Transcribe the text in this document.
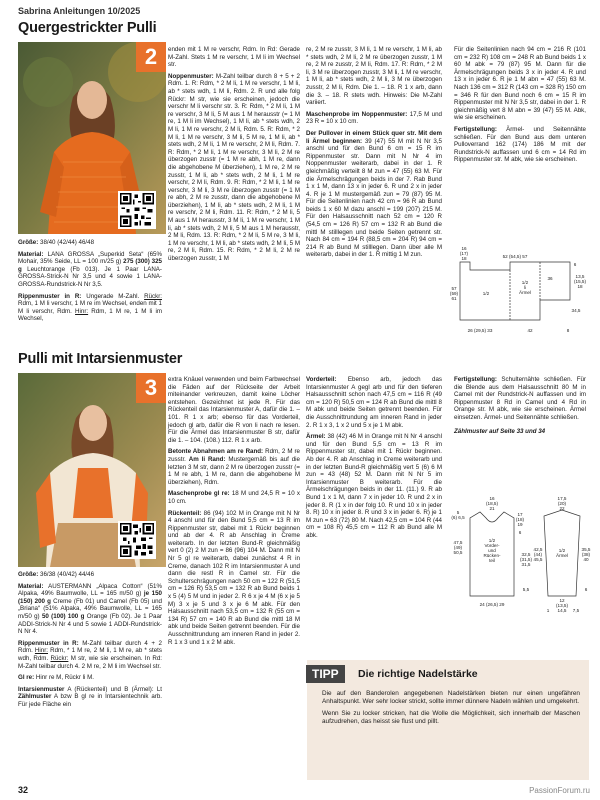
Sabrina Anleitungen 10/2025
Quergestrickter Pulli
2

Größe: 38/40 (42/44) 46/48

Material: LANA GROSSA „Superkid Seta“ (65% Mohair, 35% Seide, LL = 100 m/25 g) 275 (300) 325 g Leuchtorange (Fb 013). Je 1 Paar LANA-GROSSA-Strick-N Nr 3,5 und 4 sowie 1 LANA-GROSSA-Rundstrick-N Nr 3,5.

Rippenmuster in R: Ungerade M-Zahl. Rückr: Rdm, 1 M li verschr, 1 M re im Wechsel, enden mit 1 M li verschr, Rdm. Hinr: Rdm, 1 M re, 1 M li im Wechsel,

enden mit 1 M re verschr, Rdm. In Rd: Gerade M-Zahl. Stets 1 M re verschr, 1 M li im Wechsel str.

Noppenmuster: M-Zahl teilbar durch 8 + 5 + 2 Rdm. 1. R: Rdm, * 2 M li, 1 M re verschr, 1 M li, ab * stets wdh, 1 M li, Rdm. 2. R und alle folg Rückr: M str, wie sie erscheinen, jedoch die verschr M li verschr str. 3. R: Rdm, * 2 M li, 1 M re verschr, 3 M li, 5 M aus 1 M herausstr (= 1 M re, 1 M li im Wechsel), 1 M li, ab * stets wdh, 2 M li, 1 M re verschr, 2 M li, Rdm. 5. R: Rdm, * 2 M li, 1 M re verschr, 3 M li, 5 M re, 1 M li, ab * stets wdh, 2 M li, 1 M re verschr, 2 M li, Rdm. 7. R: Rdm, * 2 M li, 1 M re verschr, 3 M li, 2 M re überzogen zusstr (= 1 M re abh, 1 M re, dann die abgehobene M überziehen), 1 M re, 2 M re zusstr, 1 M li, ab * stets wdh, 2 M li, 1 M re verschr, 2 M li, Rdm. 9. R: Rdm, * 2 M li, 1 M re verschr, 3 M li, 3 M re überzogen zusstr (= 1 M re abh, 2 M re zusstr, dann die abgehobene M überziehen), 1 M li, ab * stets wdh, 2 M li, 1 M re verschr, 2 M li, Rdm. 11. R: Rdm, * 2 M li, 5 M aus 1 M herausstr, 3 M li, 1 M re verschr, 1 M li, ab * stets wdh, 2 M li, 5 M aus 1 M herausstr, 2 M li, Rdm. 13. R: Rdm, * 2 M li, 5 M re, 3 M li, 1 M re verschr, 1 M li, ab * stets wdh, 2 M li, 5 M re, 2 M li, Rdm. 15. R: Rdm, * 2 M li, 2 M re überzogen zusstr, 1 M

re, 2 M re zusstr, 3 M li, 1 M re verschr, 1 M li, ab * stets wdh, 2 M li, 2 M re überzogen zusstr, 1 M re, 2 M re zusstr, 2 M li, Rdm. 17. R: Rdm, * 2 M li, 3 M re überzogen zusstr, 3 M li, 1 M re verschr, 1 M li, ab * stets wdh, 2 M li, 3 M re überzogen zusstr, 2 M li, Rdm. Die 1. – 18. R 1 x arb, dann die 3. – 18. R stets wdh. Hinweis: Die M-Zahl variiert.

Maschenprobe im Noppenmuster: 17,5 M und 23 R = 10 x 10 cm.

Der Pullover in einem Stück quer str. Mit dem li Ärmel beginnen: 39 (47) 55 M mit N Nr 3,5 anschl und für den Bund 6 cm = 15 R im Rippenmuster str. Dann mit N Nr 4 im Noppenmuster weiterarb, dabei in der 1. R gleichmäßig verteilt 8 M zun = 47 (55) 63 M. Für die Ärmelschrägungen beids in der 7. Rab Bund 1 x 1 M, dann 13 x in jeder 6. R und 2 x in jeder 4. R je 1 M mustergemäß zun = 79 (87) 95 M. Für die Seitenlinien nach 42 cm = 96 R ab Bund beids 1 x 60 M dazu anschl = 199 (207) 215 M. Für den Halsausschnitt nach 52 cm = 120 R (54,5 cm = 126 R) 57 cm = 132 R ab Bund die mittl M stilllegen und beide Seiten getrennt str. Nach 84 cm = 194 R (88,5 cm = 204 R) 94 cm = 214 R ab Bund M stilllegen. Dann über alle M weiterarb, dabei in der 1. R mittig 1 M zun.

Für die Seitenlinien nach 94 cm = 216 R (101 cm = 232 R) 108 cm = 248 R ab Bund beids 1 x 60 M abk = 79 (87) 95 M. Dann für die Ärmelschrägungen beids 3 x in jeder 4. R und 13 x in jeder 6. R je 1 M abn = 47 (55) 63 M. Nach 136 cm = 312 R (143 cm = 328 R) 150 cm = 346 R für den Bund noch 6 cm = 15 R im Rippenmuster mit N Nr 3,5 str, dabei in der 1. R gleichmäßig vert 8 M abn = 39 (47) 55 M. Abk, wie sie erscheinen.

Fertigstellung: Ärmel- und Seitennähte schließen. Für den Bund aus dem unteren Pulloverrand 162 (174) 186 M mit der Rundstrick-N auffassen und 6 cm = 14 Rd im Rippenmuster str. M abk, wie sie erscheinen.

16
(17)
18	52 (54,5) 57
6
13,5
(15,5)
18
1/2
li
Ärmel
1/2
36
57
(59)
61
34,5
26 (29,5) 33	42	8
Pulli mit Intarsienmuster
3

Größe: 36/38 (40/42) 44/46

Material: AUSTERMANN „Alpaca Cotton“ (51% Alpaka, 49% Baumwolle, LL = 165 m/50 g) je 150 (150) 200 g Creme (Fb 01) und Camel (Fb 05) und „Briana“ (51% Alpaka, 49% Baumwolle, LL = 165 m/50 g) 50 (100) 100 g Orange (Fb 02). Je 1 Paar ADDI-Strick-N Nr 4 und 5 sowie 1 ADDI-Rundstrick-N Nr 4.

Rippenmuster in R: M-Zahl teilbar durch 4 + 2 Rdm. Hinr: Rdm, * 1 M re, 2 M li, 1 M re, ab * stets wdh, Rdm. Rückr: M str, wie sie erscheinen. In Rd: M-Zahl teilbar durch 4. 2 M re, 2 M li im Wechsel str.

Gl re: Hinr re M, Rückr li M.

Intarsienmuster A (Rückenteil) und B (Ärmel): Lt Zählmuster A bzw B gl re in Intarsientechnik arb. Für jede Fläche ein

extra Knäuel verwenden und beim Farbwechsel die Fäden auf der Rückseite der Arbeit miteinander verkreuzen, damit keine Löcher entstehen. Gezeichnet ist jede R. Für das Rückenteil das Intarsienmuster A, dafür die 1. – 101. R 1 x arb; ebenso für das Vorderteil, jedoch gl arb, dafür die R von li nach re lesen. Für die Ärmel das Intarsienmuster B str, dafür die 1. – 104. (108.) 112. R 1 x arb.

Betonte Abnahmen am re Rand: Rdm, 2 M re zusstr. Am li Rand: Mustergemäß bis auf die letzten 3 M str, dann 2 M re überzogen zusstr (= 1 M re abh, 1 M re, dann die abgehobene M überziehen), Rdm.

Maschenprobe gl re: 18 M und 24,5 R = 10 x 10 cm.

Rückenteil: 86 (94) 102 M in Orange mit N Nr 4 anschl und für den Bund 5,5 cm = 13 R im Rippenmuster str, dabei mit 1 Rückr beginnen und ab der 4. R ab Anschlag in Creme weiterarb. In der letzten Bund-R gleichmäßig vert 0 (2) 2 M zun = 86 (96) 104 M. Dann mit N Nr 5 gl re weiterarb, dabei zunächst 4 R in Creme, danach 102 R im Intarsienmuster A und dann die restl R in Camel str. Für die Schulterschrägungen nach 50 cm = 122 R (51,5 cm = 126 R) 53,5 cm = 132 R ab Bund beids 1 x 5 (4) 5 M und in jeder 2. R 6 x je 4 M (6 x je 5 M) 3 x je 5 und 3 x je 6 M abk. Für den Halsausschnitt nach 53,5 cm = 132 R (55 cm = 134 R) 57 cm = 140 R ab Bund die mittl 18 M abk und beide Seiten getrennt beenden. Für die Ausschnittrundung am inneren Rand in jeder 2. R 1 x 3 und 1 x 2 M abk.

Vorderteil: Ebenso arb, jedoch das Intarsienmuster A gegl arb und für den tieferen Halsausschnitt schon nach 47,5 cm = 116 R (49 cm = 120 R) 50,5 cm = 124 R ab Bund die mittl 8 M abk und beide Seiten getrennt beenden. Für die Ausschnittrundung am inneren Rand in jeder 2. R 1 x 3, 1 x 2 und 5 x je 1 M abk.

Ärmel: 38 (42) 46 M in Orange mit N Nr 4 anschl und für den Bund 5,5 cm = 13 R im Rippenmuster str, dabei mit 1 Rückr beginnen. Ab der 4. R ab Anschlag in Creme weiterarb und in der letzten Bund-R gleichmäßig vert 5 (6) 6 M zun = 43 (48) 52 M. Dann mit N Nr 5 im Intarsienmuster B weiterarb. Für die Ärmelschrägungen beids in der 11. (11.) 9. R ab Bund 1 x 1 M, dann 7 x in jeder 10. R und 2 x in jeder 8. R (1 x in der folg 10. R und 10 x in jeder 8. R) 10 x in jeder 8. R und 3 x in jeder 6. R) je 1 M zun = 63 (72) 80 M. Nach 42,5 cm = 104 R (44 cm = 108 R) 45,5 cm = 112 R ab Bund alle M abk.

Fertigstellung: Schulternähte schließen. Für die Blende aus dem Halsausschnitt 80 M in Camel mit der Rundstrick-N auffassen und im Rippenmuster 8 Rd in Camel und 4 Rd in Orange str. M abk, wie sie erscheinen. Ärmel einsetzen. Ärmel- und Seitennähte schließen.

Zählmuster auf Seite 33 und 34

16
(18,5)
21
5
(6) 6,5
17
(18)
19
6
47,5
(49)
50,5
1/2
Vorder-
und
Rücken-
teil
32,5
(31,5)
31,5
5,5
24 (26,5) 29
17,5
(20)
22
42,5
(44)
45,5
35,5
(38)
40
1/2
Ärmel
12
(13,5)
14,5 7,5
1
6
TIPP	Die richtige Nadelstärke

Die auf den Banderolen angegebenen Nadelstärken bieten nur einen ungefähren Anhaltspunkt. Wer sehr locker strickt, sollte immer dünnere Nadeln wählen und umgekehrt.

Wenn Sie zu locker stricken, hat die Wolle die Möglichkeit, sich innerhalb der Maschen aufzudrehen, das heisst sie flust und pillt.

32	PassionForum.ru
